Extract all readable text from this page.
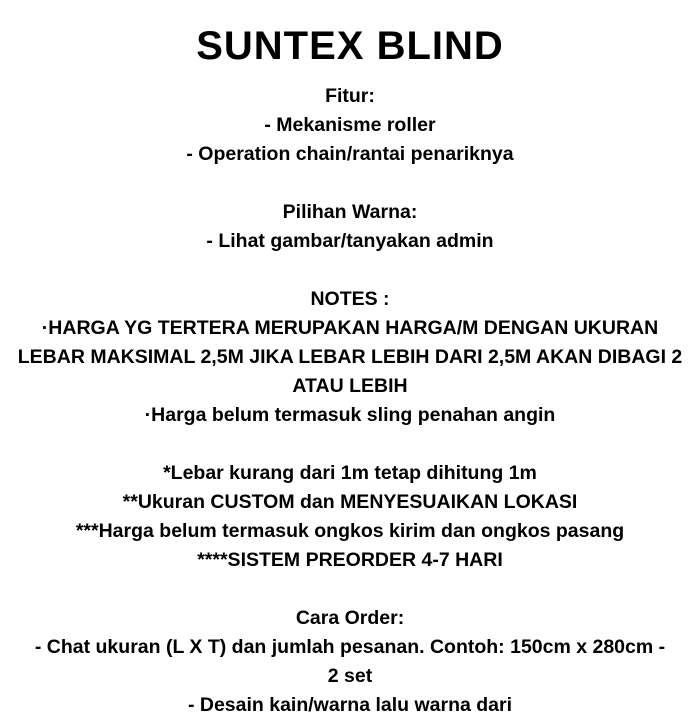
SUNTEX BLIND
Fitur:
- Mekanisme roller
- Operation chain/rantai penariknya
Pilihan Warna:
- Lihat gambar/tanyakan admin
NOTES :
·HARGA YG TERTERA MERUPAKAN HARGA/M DENGAN UKURAN
LEBAR MAKSIMAL 2,5M JIKA LEBAR LEBIH DARI 2,5M AKAN DIBAGI 2
ATAU LEBIH
·Harga belum termasuk sling penahan angin
*Lebar kurang dari 1m tetap dihitung 1m
**Ukuran CUSTOM dan MENYESUAIKAN LOKASI
***Harga belum termasuk ongkos kirim dan ongkos pasang
****SISTEM PREORDER 4-7 HARI
Cara Order:
- Chat ukuran (L X T) dan jumlah pesanan. Contoh: 150cm x 280cm -
2 set
- Desain kain/warna lalu warna dari
